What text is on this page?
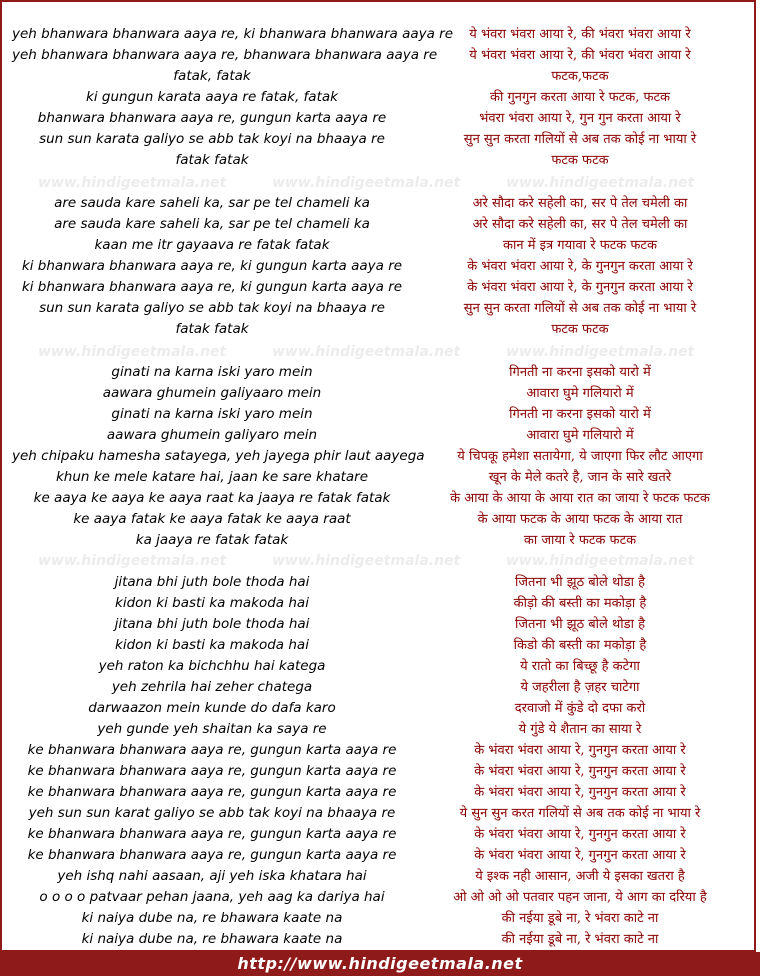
yeh bhanwara bhanwara aaya re, ki bhanwara bhanwara aaya re	ये भंवरा भंवरा आया रे, की भंवरा भंवरा आया रे
yeh bhanwara bhanwara aaya re, bhanwara bhanwara aaya re	ये भंवरा भंवरा आया रे, की भंवरा भंवरा आया रे
fatak, fatak	फटक,फटक
ki gungun karata aaya re fatak, fatak	की गुनगुन करता आया रे फटक, फटक
bhanwara bhanwara aaya re, gungun karta aaya re	भंवरा भंवरा आया रे, गुन गुन करता आया रे
sun sun karata galiyo se abb tak koyi na bhaaya re	सुन सुन करता गलियों से अब तक कोई ना भाया रे
fatak fatak	फटक फटक
www.hindigeetmala.net	www.hindigeetmala.net	www.hindigeetmala.net
are sauda kare saheli ka, sar pe tel chameli ka	अरे सौदा करे सहेली का, सर पे तेल चमेली का
are sauda kare saheli ka, sar pe tel chameli ka	अरे सौदा करे सहेली का, सर पे तेल चमेली का
kaan me itr gayaava re fatak fatak	कान में इत्र गयावा रे फटक फटक
ki bhanwara bhanwara aaya re, ki gungun karta aaya re	के भंवरा भंवरा आया रे, के गुनगुन करता आया रे
ki bhanwara bhanwara aaya re, ki gungun karta aaya re	के भंवरा भंवरा आया रे, के गुनगुन करता आया रे
sun sun karata galiyo se abb tak koyi na bhaaya re	सुन सुन करता गलियों से अब तक कोई ना भाया रे
fatak fatak	फटक फटक
www.hindigeetmala.net	www.hindigeetmala.net	www.hindigeetmala.net
ginati na karna iski yaro mein	गिनती ना करना इसको यारो में
aawara ghumein galiyaaro mein	आवारा घुमे गलियारो में
ginati na karna iski yaro mein	गिनती ना करना इसको यारो में
aawara ghumein galiyaro mein	आवारा घुमे गलियारो में
yeh chipaku hamesha satayega, yeh jayega phir laut aayega	ये चिपकू हमेशा सतायेगा, ये जाएगा फिर लौट आएगा
khun ke mele katare hai, jaan ke sare khatare	खून के मेले कतरे है, जान के सारे खतरे
ke aaya ke aaya ke aaya raat ka jaaya re fatak fatak	के आया के आया के आया रात का जाया रे फटक फटक
ke aaya fatak ke aaya fatak ke aaya raat	के आया फटक के आया फटक के आया रात
ka jaaya re fatak fatak	का जाया रे फटक फटक
www.hindigeetmala.net	www.hindigeetmala.net	www.hindigeetmala.net
jitana bhi juth bole thoda hai	जितना भी झूठ बोले थोडा है
kidon ki basti ka makoda hai	कीड़ो की बस्ती का मकोड़ा है
jitana bhi juth bole thoda hai	जितना भी झूठ बोले थोडा है
kidon ki basti ka makoda hai	किडो की बस्ती का मकोड़ा है
yeh raton ka bichchhu hai katega	ये रातो का बिच्छू है कटेगा
yeh zehrila hai zeher chatega	ये जहरीला है ज़हर चाटेगा
darwaazon mein kunde do dafa karo	दरवाजो में कुंडे दो दफा करो
yeh gunde yeh shaitan ka saya re	ये गुंडे ये शैतान का साया रे
ke bhanwara bhanwara aaya re, gungun karta aaya re	के भंवरा भंवरा आया रे, गुनगुन करता आया रे
ke bhanwara bhanwara aaya re, gungun karta aaya re	के भंवरा भंवरा आया रे, गुनगुन करता आया रे
ke bhanwara bhanwara aaya re, gungun karta aaya re	के भंवरा भंवरा आया रे, गुनगुन करता आया रे
yeh sun sun karat galiyo se abb tak koyi na bhaaya re	ये सुन सुन करत गलियों से अब तक कोई ना भाया रे
ke bhanwara bhanwara aaya re, gungun karta aaya re	के भंवरा भंवरा आया रे, गुनगुन करता आया रे
ke bhanwara bhanwara aaya re, gungun karta aaya re	के भंवरा भंवरा आया रे, गुनगुन करता आया रे
yeh ishq nahi aasaan, aji yeh iska khatara hai	ये इश्क नही आसान, अजी ये इसका खतरा है
o o o o patvaar pehan jaana, yeh aag ka dariya hai	ओ ओ ओ ओ पतवार पहन जाना, ये आग का दरिया है
ki naiya dube na, re bhawara kaate na	की नईया डूबे ना, रे भंवरा काटे ना
ki naiya dube na, re bhawara kaate na	की नईया डूबे ना, रे भंवरा काटे ना
http://www.hindigeetmala.net
